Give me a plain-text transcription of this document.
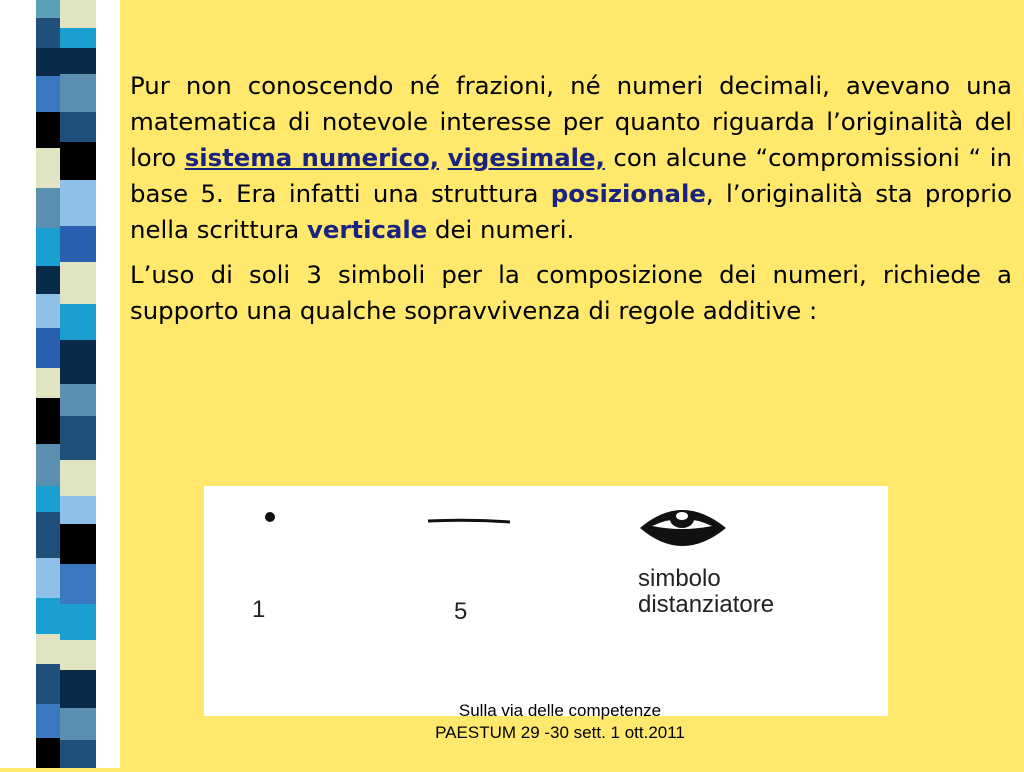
Pur non conoscendo né frazioni, né numeri decimali, avevano una matematica di notevole interesse per quanto riguarda l’originalità del loro sistema numerico, vigesimale, con alcune “compromissioni “ in base 5. Era infatti una struttura posizionale, l’originalità sta proprio nella scrittura verticale dei numeri.

L’uso di soli 3 simboli per la composizione dei numeri, richiede a supporto una qualche sopravvivenza di regole additive :

1	5
simbolo
distanziatore
Sulla via delle competenze
PAESTUM 29 -30 sett. 1 ott.2011
